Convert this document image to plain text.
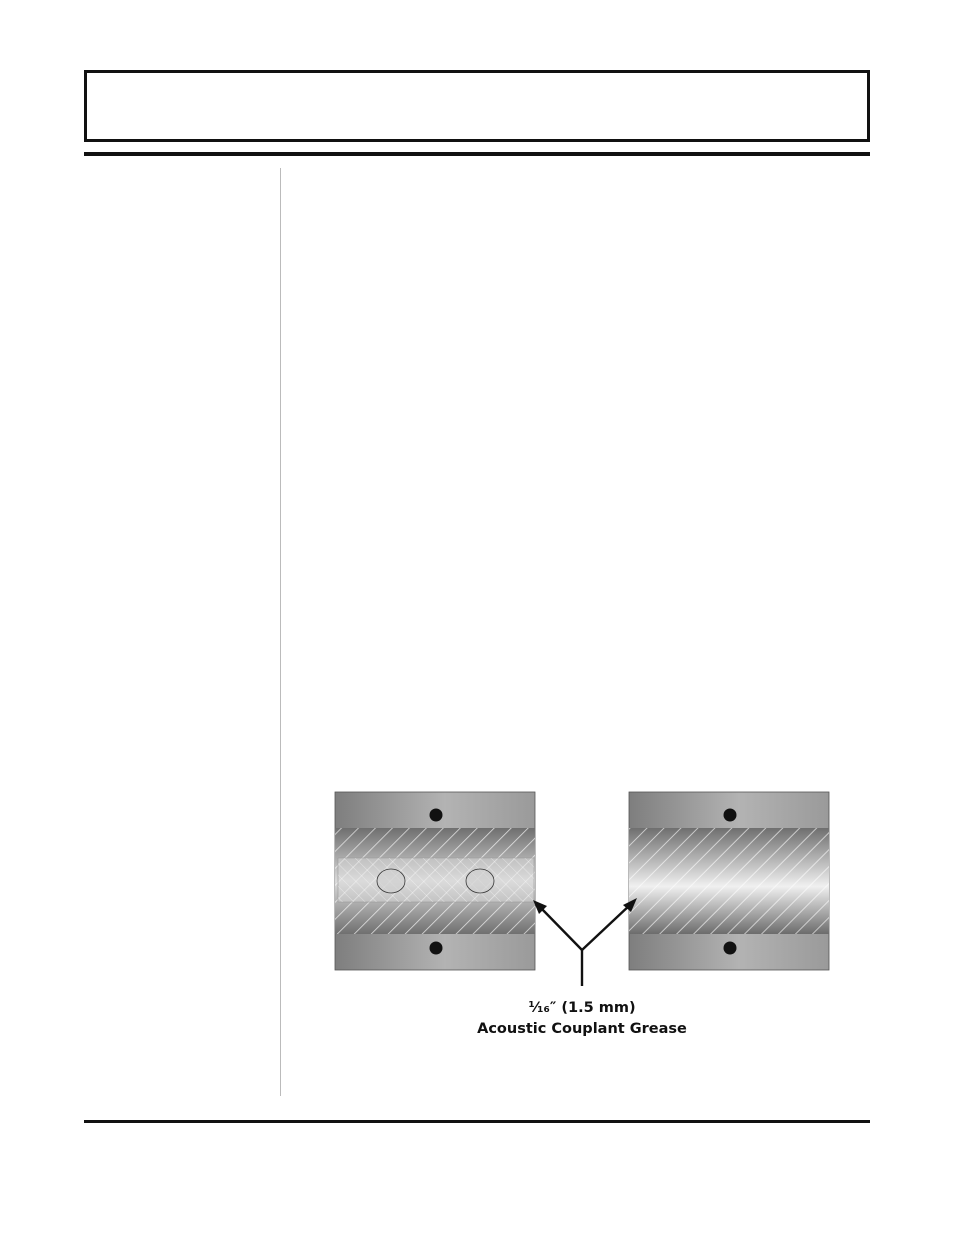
¹⁄₁₆″ (1.5 mm)
Acoustic Couplant Grease
